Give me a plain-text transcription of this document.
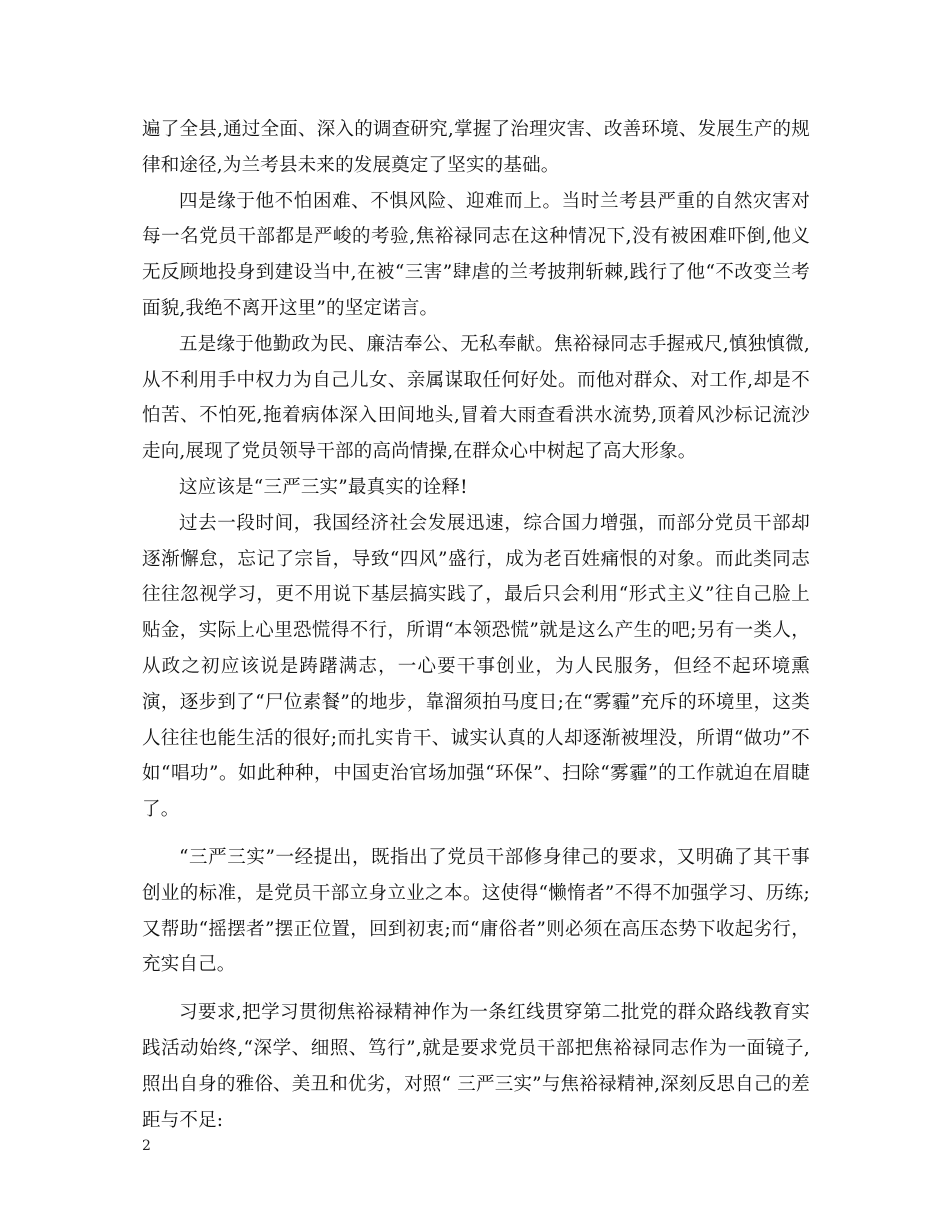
遍了全县,通过全面、深入的调查研究,掌握了治理灾害、改善环境、发展生产的规律和途径,为兰考县未来的发展奠定了坚实的基础。

四是缘于他不怕困难、不惧风险、迎难而上。当时兰考县严重的自然灾害对每一名党员干部都是严峻的考验,焦裕禄同志在这种情况下,没有被困难吓倒,他义无反顾地投身到建设当中,在被“三害”肆虐的兰考披荆斩棘,践行了他“不改变兰考面貌,我绝不离开这里”的坚定诺言。

五是缘于他勤政为民、廉洁奉公、无私奉献。焦裕禄同志手握戒尺,慎独慎微,从不利用手中权力为自己儿女、亲属谋取任何好处。而他对群众、对工作,却是不怕苦、不怕死,拖着病体深入田间地头,冒着大雨查看洪水流势,顶着风沙标记流沙走向,展现了党员领导干部的高尚情操,在群众心中树起了高大形象。

这应该是“三严三实”最真实的诠释!

过去一段时间，我国经济社会发展迅速，综合国力增强，而部分党员干部却逐渐懈怠，忘记了宗旨，导致“四风”盛行，成为老百姓痛恨的对象。而此类同志往往忽视学习，更不用说下基层搞实践了，最后只会利用“形式主义”往自己脸上贴金，实际上心里恐慌得不行，所谓“本领恐慌”就是这么产生的吧;另有一类人，从政之初应该说是踌躇满志，一心要干事创业，为人民服务，但经不起环境熏演，逐步到了“尸位素餐”的地步，靠溜须拍马度日;在“雾霾”充斥的环境里，这类人往往也能生活的很好;而扎实肯干、诚实认真的人却逐渐被埋没，所谓“做功”不如“唱功”。如此种种，中国吏治官场加强“环保”、扫除“雾霾”的工作就迫在眉睫了。

“三严三实”一经提出，既指出了党员干部修身律己的要求，又明确了其干事创业的标准，是党员干部立身立业之本。这使得“懒惰者”不得不加强学习、历练;又帮助“摇摆者”摆正位置，回到初衷;而“庸俗者”则必须在高压态势下收起劣行，充实自己。

习要求,把学习贯彻焦裕禄精神作为一条红线贯穿第二批党的群众路线教育实践活动始终,“深学、细照、笃行”,就是要求党员干部把焦裕禄同志作为一面镜子,照出自身的雅俗、美丑和优劣，对照“ 三严三实”与焦裕禄精神,深刻反思自己的差距与不足:

2
